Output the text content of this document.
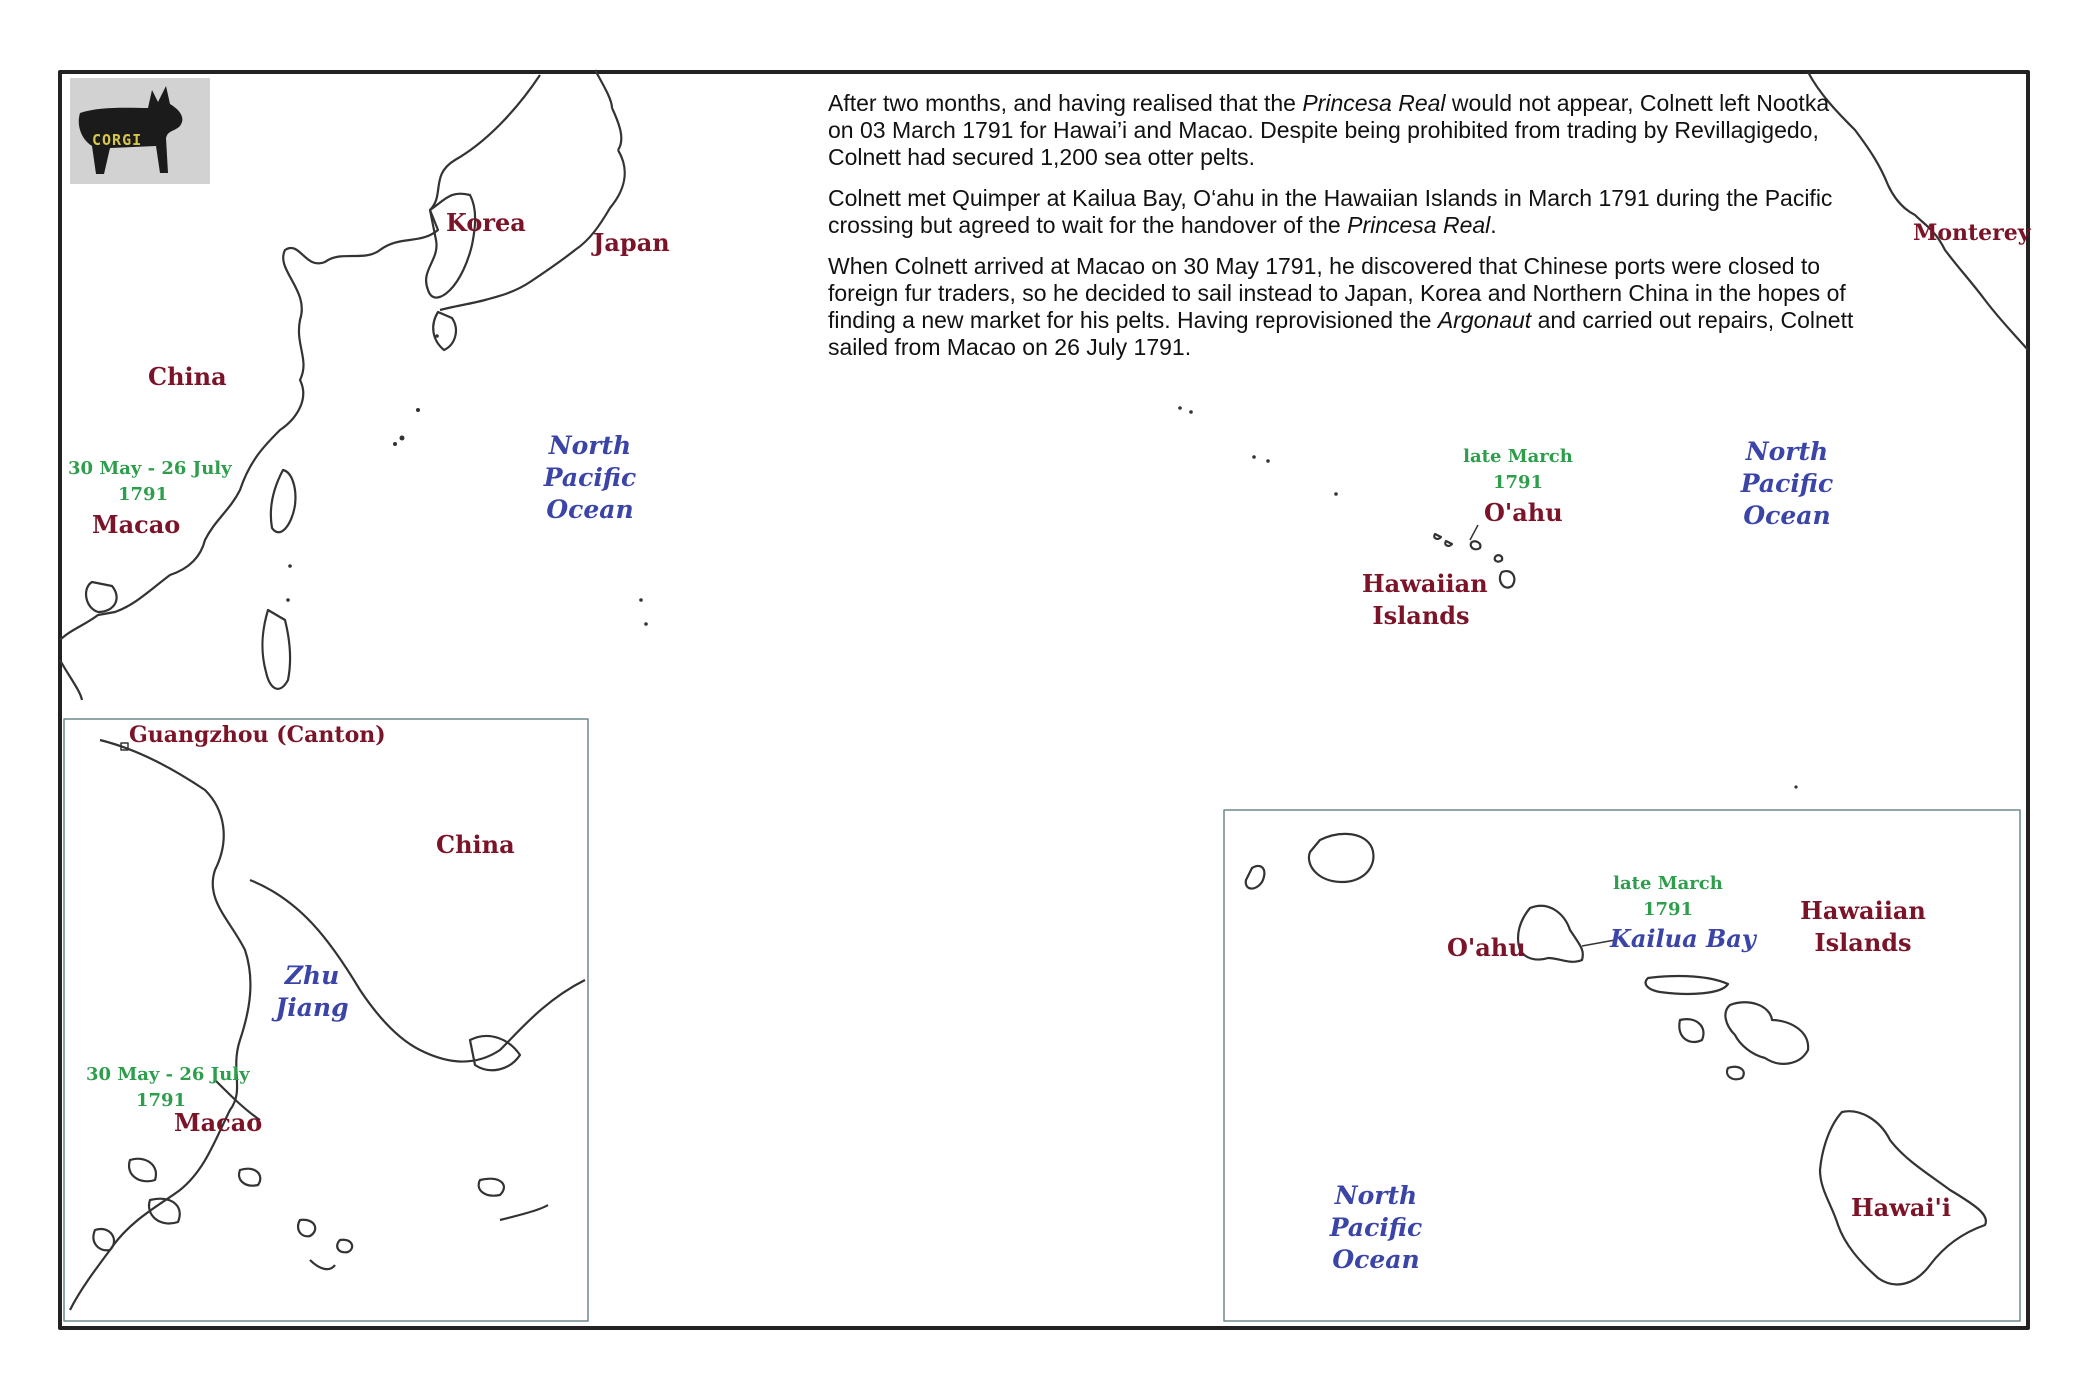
CORGI

After two months, and having realised that the Princesa Real would not appear, Colnett left Nootka on 03 March 1791 for Hawai’i and Macao. Despite being prohibited from trading by Revillagigedo, Colnett had secured 1,200 sea otter pelts.

Colnett met Quimper at Kailua Bay, O‘ahu in the Hawaiian Islands in March 1791 during the Pacific crossing but agreed to wait for the handover of the Princesa Real.

When Colnett arrived at Macao on 30 May 1791, he discovered that Chinese ports were closed to foreign fur traders, so he decided to sail instead to Japan, Korea and Northern China in the hopes of finding a new market for his pelts. Having reprovisioned the Argonaut and carried out repairs, Colnett sailed from Macao on 26 July 1791.

Korea
Japan
China
30 May - 26 July
1791
Macao
North
Pacific
Ocean
late March
1791
O'ahu
Hawaiian
Islands
North
Pacific
Ocean
Monterey
Guangzhou (Canton)
China
Zhu
Jiang
30 May - 26 July
1791
Macao
late March
1791
Kailua Bay
O'ahu
Hawaiian
Islands
North
Pacific
Ocean
Hawai'i
